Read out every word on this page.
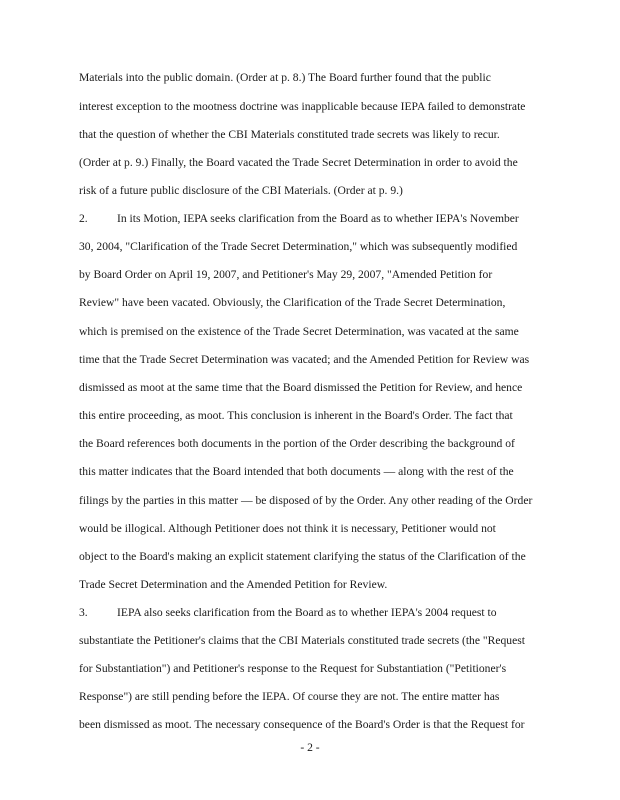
Materials into the public domain. (Order at p. 8.) The Board further found that the public
interest exception to the mootness doctrine was inapplicable because IEPA failed to demonstrate
that the question of whether the CBI Materials constituted trade secrets was likely to recur.
(Order at p. 9.) Finally, the Board vacated the Trade Secret Determination in order to avoid the
risk of a future public disclosure of the CBI Materials. (Order at p. 9.)
2.	In its Motion, IEPA seeks clarification from the Board as to whether IEPA's November
30, 2004, "Clarification of the Trade Secret Determination," which was subsequently modified
by Board Order on April 19, 2007, and Petitioner's May 29, 2007, "Amended Petition for
Review" have been vacated. Obviously, the Clarification of the Trade Secret Determination,
which is premised on the existence of the Trade Secret Determination, was vacated at the same
time that the Trade Secret Determination was vacated; and the Amended Petition for Review was
dismissed as moot at the same time that the Board dismissed the Petition for Review, and hence
this entire proceeding, as moot. This conclusion is inherent in the Board's Order. The fact that
the Board references both documents in the portion of the Order describing the background of
this matter indicates that the Board intended that both documents — along with the rest of the
filings by the parties in this matter — be disposed of by the Order. Any other reading of the Order
would be illogical. Although Petitioner does not think it is necessary, Petitioner would not
object to the Board's making an explicit statement clarifying the status of the Clarification of the
Trade Secret Determination and the Amended Petition for Review.
3.	IEPA also seeks clarification from the Board as to whether IEPA's 2004 request to
substantiate the Petitioner's claims that the CBI Materials constituted trade secrets (the "Request
for Substantiation") and Petitioner's response to the Request for Substantiation ("Petitioner's
Response") are still pending before the IEPA. Of course they are not. The entire matter has
been dismissed as moot. The necessary consequence of the Board's Order is that the Request for
- 2 -
